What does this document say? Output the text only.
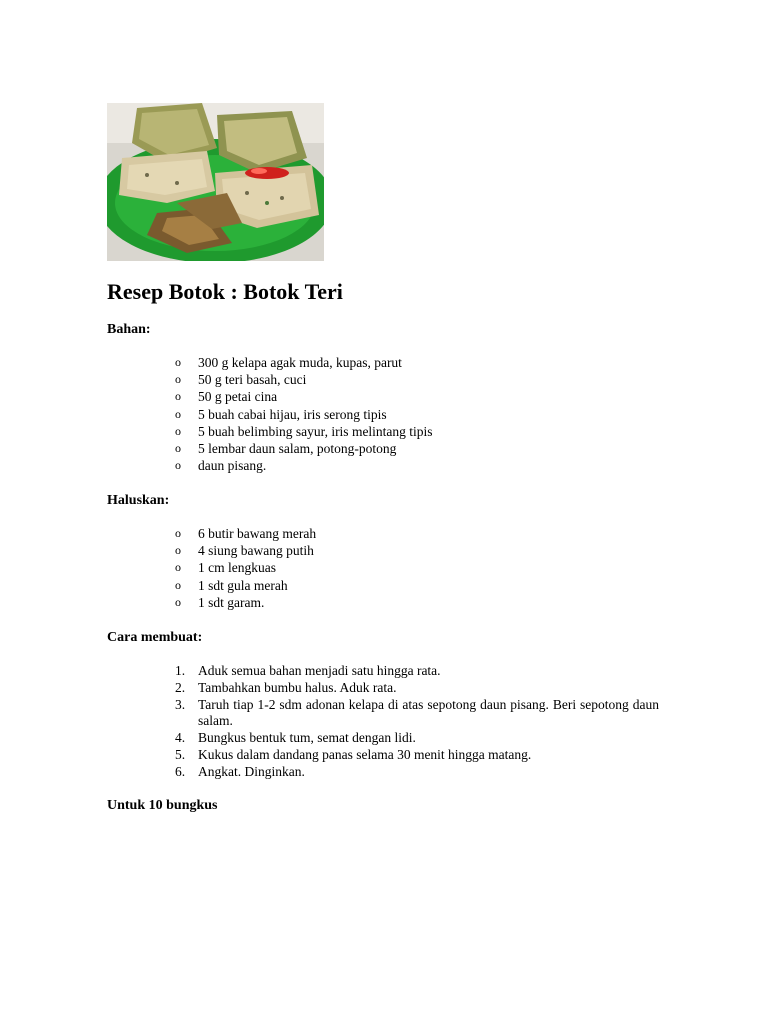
Resep Botok : Botok Teri
Bahan:
o 300 g kelapa agak muda, kupas, parut
o 50 g teri basah, cuci
o 50 g petai cina
o 5 buah cabai hijau, iris serong tipis
o 5 buah belimbing sayur, iris melintang tipis
o 5 lembar daun salam, potong-potong
o daun pisang.
Haluskan:
o 6 butir bawang merah
o 4 siung bawang putih
o 1 cm lengkuas
o 1 sdt gula merah
o 1 sdt garam.
Cara membuat:
1. Aduk semua bahan menjadi satu hingga rata.
2. Tambahkan bumbu halus. Aduk rata.
3. Taruh tiap 1-2 sdm adonan kelapa di atas sepotong daun pisang. Beri sepotong daun salam.
4. Bungkus bentuk tum, semat dengan lidi.
5. Kukus dalam dandang panas selama 30 menit hingga matang.
6. Angkat. Dinginkan.
Untuk 10 bungkus
